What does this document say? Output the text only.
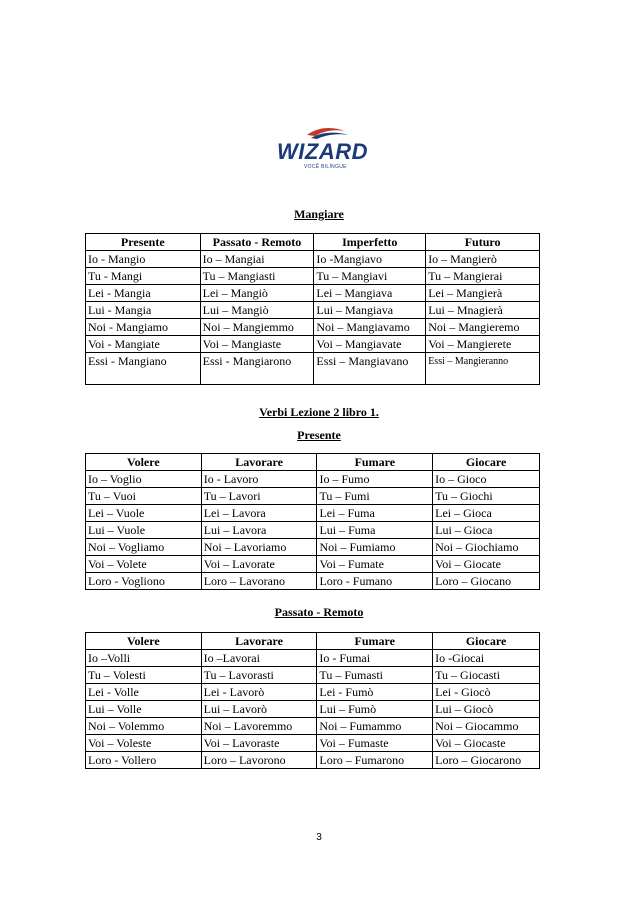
WIZARD
VOCÊ BILÍNGUE
Mangiare
Presente	Passato - Remoto	Imperfetto	Futuro
Io - Mangio	Io – Mangiai	Io -Mangiavo	Io – Mangierò
Tu - Mangi	Tu – Mangiasti	Tu – Mangiavi	Tu – Mangierai
Lei - Mangia	Lei – Mangiò	Lei – Mangiava	Lei – Mangierà
Lui - Mangia	Lui – Mangiò	Lui – Mangiava	Lui – Mnagierà
Noi - Mangiamo	Noi – Mangiemmo	Noi – Mangiavamo	Noi – Mangieremo
Voi - Mangiate	Voi – Mangiaste	Voi – Mangiavate	Voi – Mangierete
Essi - Mangiano	Essi - Mangiarono	Essi – Mangiavano	Essi – Mangieranno
Verbi Lezione 2 libro 1.
Presente
Volere	Lavorare	Fumare	Giocare
Io – Voglio	Io - Lavoro	Io – Fumo	Io – Gioco
Tu – Vuoi	Tu – Lavori	Tu – Fumi	Tu – Giochi
Lei – Vuole	Lei – Lavora	Lei – Fuma	Lei – Gioca
Lui – Vuole	Lui – Lavora	Lui – Fuma	Lui – Gioca
Noi – Vogliamo	Noi – Lavoriamo	Noi – Fumiamo	Noi – Giochiamo
Voi – Volete	Voi – Lavorate	Voi – Fumate	Voi – Giocate
Loro - Vogliono	Loro – Lavorano	Loro - Fumano	Loro – Giocano
Passato - Remoto
Volere	Lavorare	Fumare	Giocare
Io –Volli	Io –Lavorai	Io - Fumai	Io -Giocai
Tu – Volesti	Tu – Lavorasti	Tu – Fumasti	Tu – Giocasti
Lei - Volle	Lei - Lavorò	Lei - Fumò	Lei - Giocò
Lui – Volle	Lui – Lavorò	Lui – Fumò	Lui – Giocò
Noi – Volemmo	Noi – Lavoremmo	Noi – Fumammo	Noi – Giocammo
Voi – Voleste	Voi – Lavoraste	Voi – Fumaste	Voi – Giocaste
Loro - Vollero	Loro – Lavorono	Loro – Fumarono	Loro – Giocarono
3
